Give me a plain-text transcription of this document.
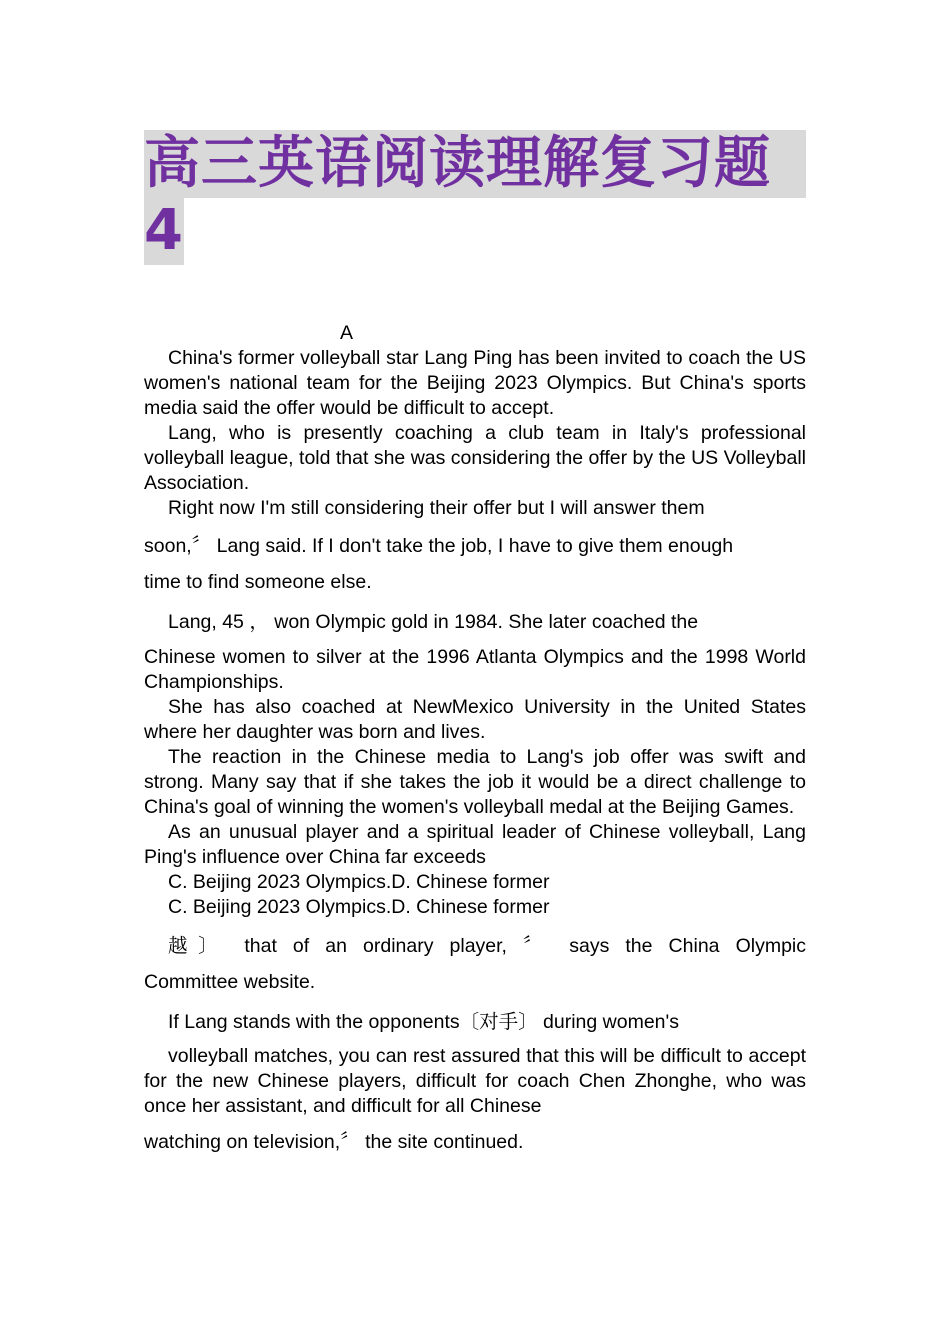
高三英语阅读理解复习题
4

A

China's former volleyball star Lang Ping has been invited to coach the US women's national team for the Beijing 2023 Olympics. But China's sports media said the offer would be difficult to accept.

Lang, who is presently coaching a club team in Italy's professional volleyball league, told that she was considering the offer by the US Volleyball Association.

Right now I'm still considering their offer but I will answer them

soon,〞 Lang said. If I don't take the job, I have to give them enough

time to find someone else.

Lang, 45 ， won Olympic gold in 1984. She later coached the

Chinese women to silver at the 1996 Atlanta Olympics and the 1998 World Championships.

She has also coached at NewMexico University in the United States where her daughter was born and lives.

The reaction in the Chinese media to Lang's job offer was swift and strong. Many say that if she takes the job it would be a direct challenge to China's goal of winning the women's volleyball medal at the Beijing Games.

As an unusual player and a spiritual leader of Chinese volleyball, Lang Ping's influence over China far exceeds

C. Beijing 2023 Olympics.D. Chinese former

C. Beijing 2023 Olympics.D. Chinese former

越〕 that of an ordinary player, 〞 says the China Olympic

Committee website.

If Lang stands with the opponents〔对手〕 during women's

volleyball matches, you can rest assured that this will be difficult to accept for the new Chinese players, difficult for coach Chen Zhonghe, who was once her assistant, and difficult for all Chinese

watching on television,〞 the site continued.
